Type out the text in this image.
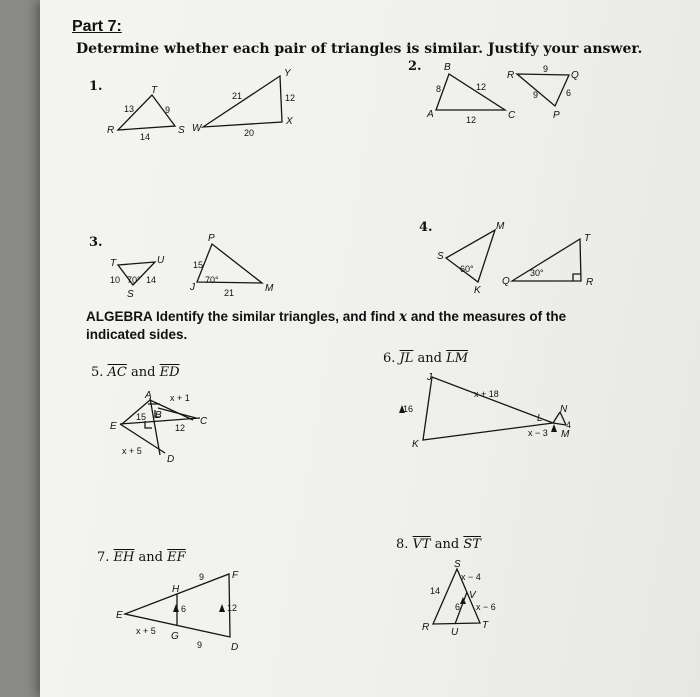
Part 7:
Determine whether each pair of triangles is similar. Justify your answer.
1.
2.
3.
4.
ALGEBRA Identify the similar triangles, and find x and the measures of the indicated sides.
5. $\overline{AC}$ and $\overline{ED}$
6. $\overline{JL}$ and $\overline{LM}$
7. $\overline{EH}$ and $\overline{EF}$
8. $\overline{VT}$ and $\overline{ST}$
T
R	S
Y
W
X
13	9
14
21	12
20
B
A	C
R	Q
P
8	12
12
9
6
9
T	U
S
P
J	M
10 70° 14
15
70°
21
S
K
M
T
Q	R
60°	30°
A
B
C
E
D
x + 1
15
12
x + 5
J
K
L
N
M
x + 18
16
x − 3
4
E
H
F
G
D
9
6	12
x + 5
9
S
V
R U
T
x − 4
14
6 x − 6
